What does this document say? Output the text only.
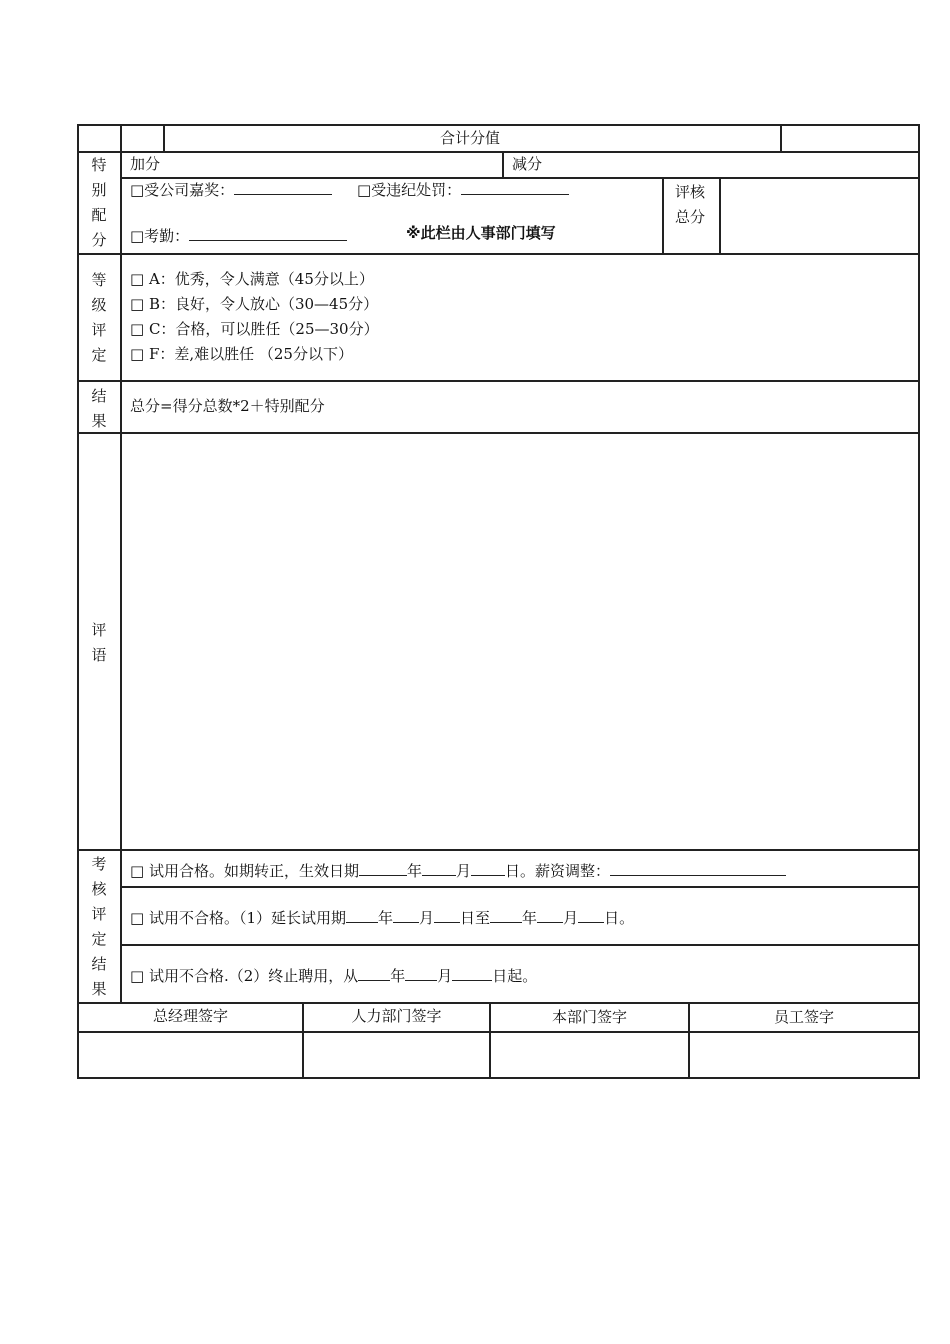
合计分值
特
别
配
分
加分	减分
□受公司嘉奖：	□受违纪处罚：
□考勤：	※此栏由人事部门填写
评核
总分
等
级
评
定
□ A：优秀，令人满意（45分以上）
□ B：良好，令人放心（30—45分）
□ C：合格，可以胜任（25—30分）
□ F：差,难以胜任 （25分以下）
结
果
总分=得分总数*2＋特别配分
评
语
考
核
评
定
结
果
□ 试用合格。如期转正，生效日期	年 月 日。薪资调整：
□ 试用不合格。（1）延长试用期 年 月 日至 年 月 日。
□ 试用不合格.（2）终止聘用，从 年 月	日起。
总经理签字	人力部门签字	本部门签字	员工签字
